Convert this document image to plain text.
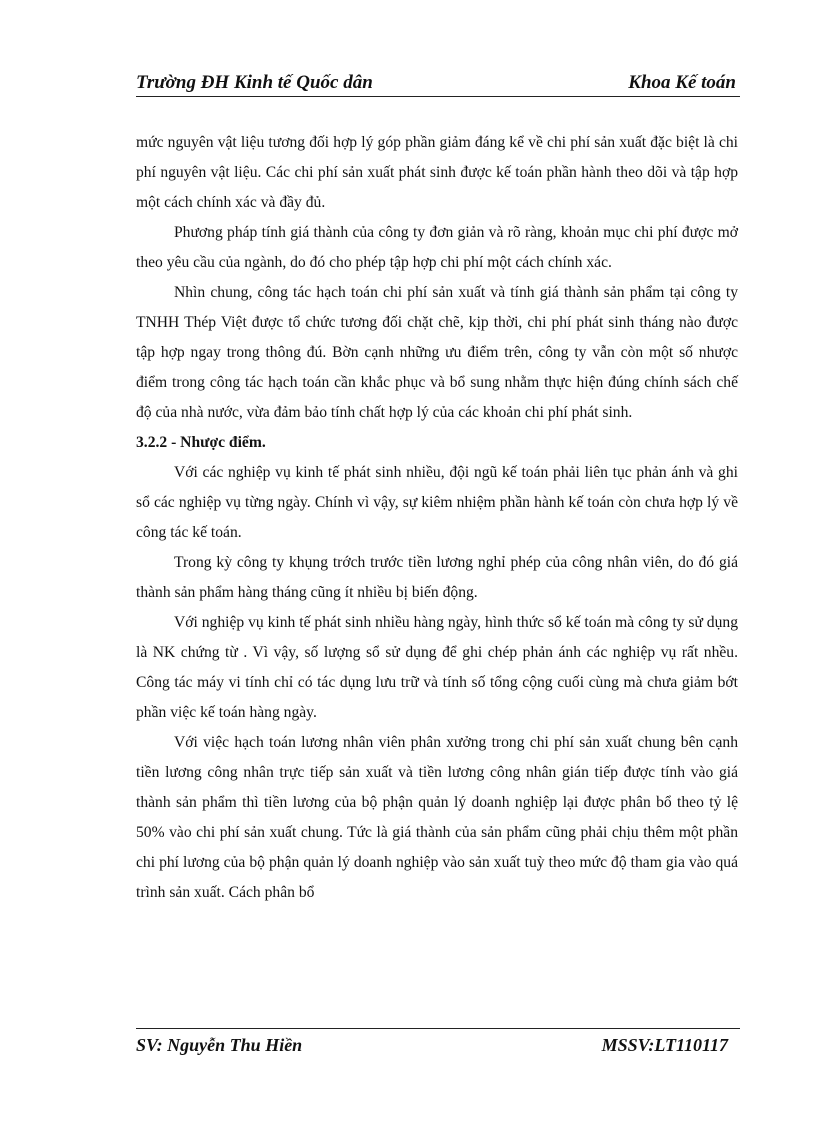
Trường ĐH Kinh tế Quốc dân	Khoa Kế toán

mức nguyên vật liệu tương đối hợp lý góp phần giảm đáng kể về chi phí sản xuất đặc biệt là chi phí nguyên vật liệu. Các chi phí sản xuất phát sinh được kế toán phần hành theo dõi và tập hợp một cách chính xác và đầy đủ.

Phương pháp tính giá thành của công ty đơn giản và rõ ràng, khoản mục chi phí được mở theo yêu cầu của ngành, do đó cho phép tập hợp chi phí một cách chính xác.

Nhìn chung, công tác hạch toán chi phí sản xuất và tính giá thành sản phẩm tại công ty TNHH Thép Việt được tổ chức tương đối chặt chẽ, kịp thời, chi phí phát sinh tháng nào được tập hợp ngay trong thông đú. Bờn cạnh những ưu điểm trên, công ty vẫn còn một số nhược điểm trong công tác hạch toán cần khắc phục và bổ sung nhằm thực hiện đúng chính sách chế độ của nhà nước, vừa đảm bảo tính chất hợp lý của các khoản chi phí phát sinh.

3.2.2 - Nhược điểm.

Với các nghiệp vụ kinh tế phát sinh nhiều, đội ngũ kế toán phải liên tục phản ánh và ghi sổ các nghiệp vụ từng ngày. Chính vì vậy, sự kiêm nhiệm phần hành kế toán còn chưa hợp lý về công tác kế toán.

Trong kỳ công ty khụng trớch trước tiền lương nghỉ phép của công nhân viên, do đó giá thành sản phẩm hàng tháng cũng ít nhiều bị biến động.

Với nghiệp vụ kinh tế phát sinh nhiều hàng ngày, hình thức sổ kế toán mà công ty sử dụng là NK chứng từ . Vì vậy, số lượng sổ sử dụng để ghi chép phản ánh các nghiệp vụ rất nhều. Công tác máy vi tính chỉ có tác dụng lưu trữ và tính số tổng cộng cuối cùng mà chưa giảm bớt phần việc kế toán hàng ngày.

Với việc hạch toán lương nhân viên phân xưởng trong chi phí sản xuất chung bên cạnh tiền lương công nhân trực tiếp sản xuất và tiền lương công nhân gián tiếp được tính vào giá thành sản phẩm thì tiền lương của bộ phận quản lý doanh nghiệp lại được phân bổ theo tỷ lệ 50% vào chi phí sản xuất chung. Tức là giá thành của sản phẩm cũng phải chịu thêm một phần chi phí lương của bộ phận quản lý doanh nghiệp vào sản xuất tuỳ theo mức độ tham gia vào quá trình sản xuất. Cách phân bổ

SV: Nguyễn Thu Hiền	MSSV:LT110117
